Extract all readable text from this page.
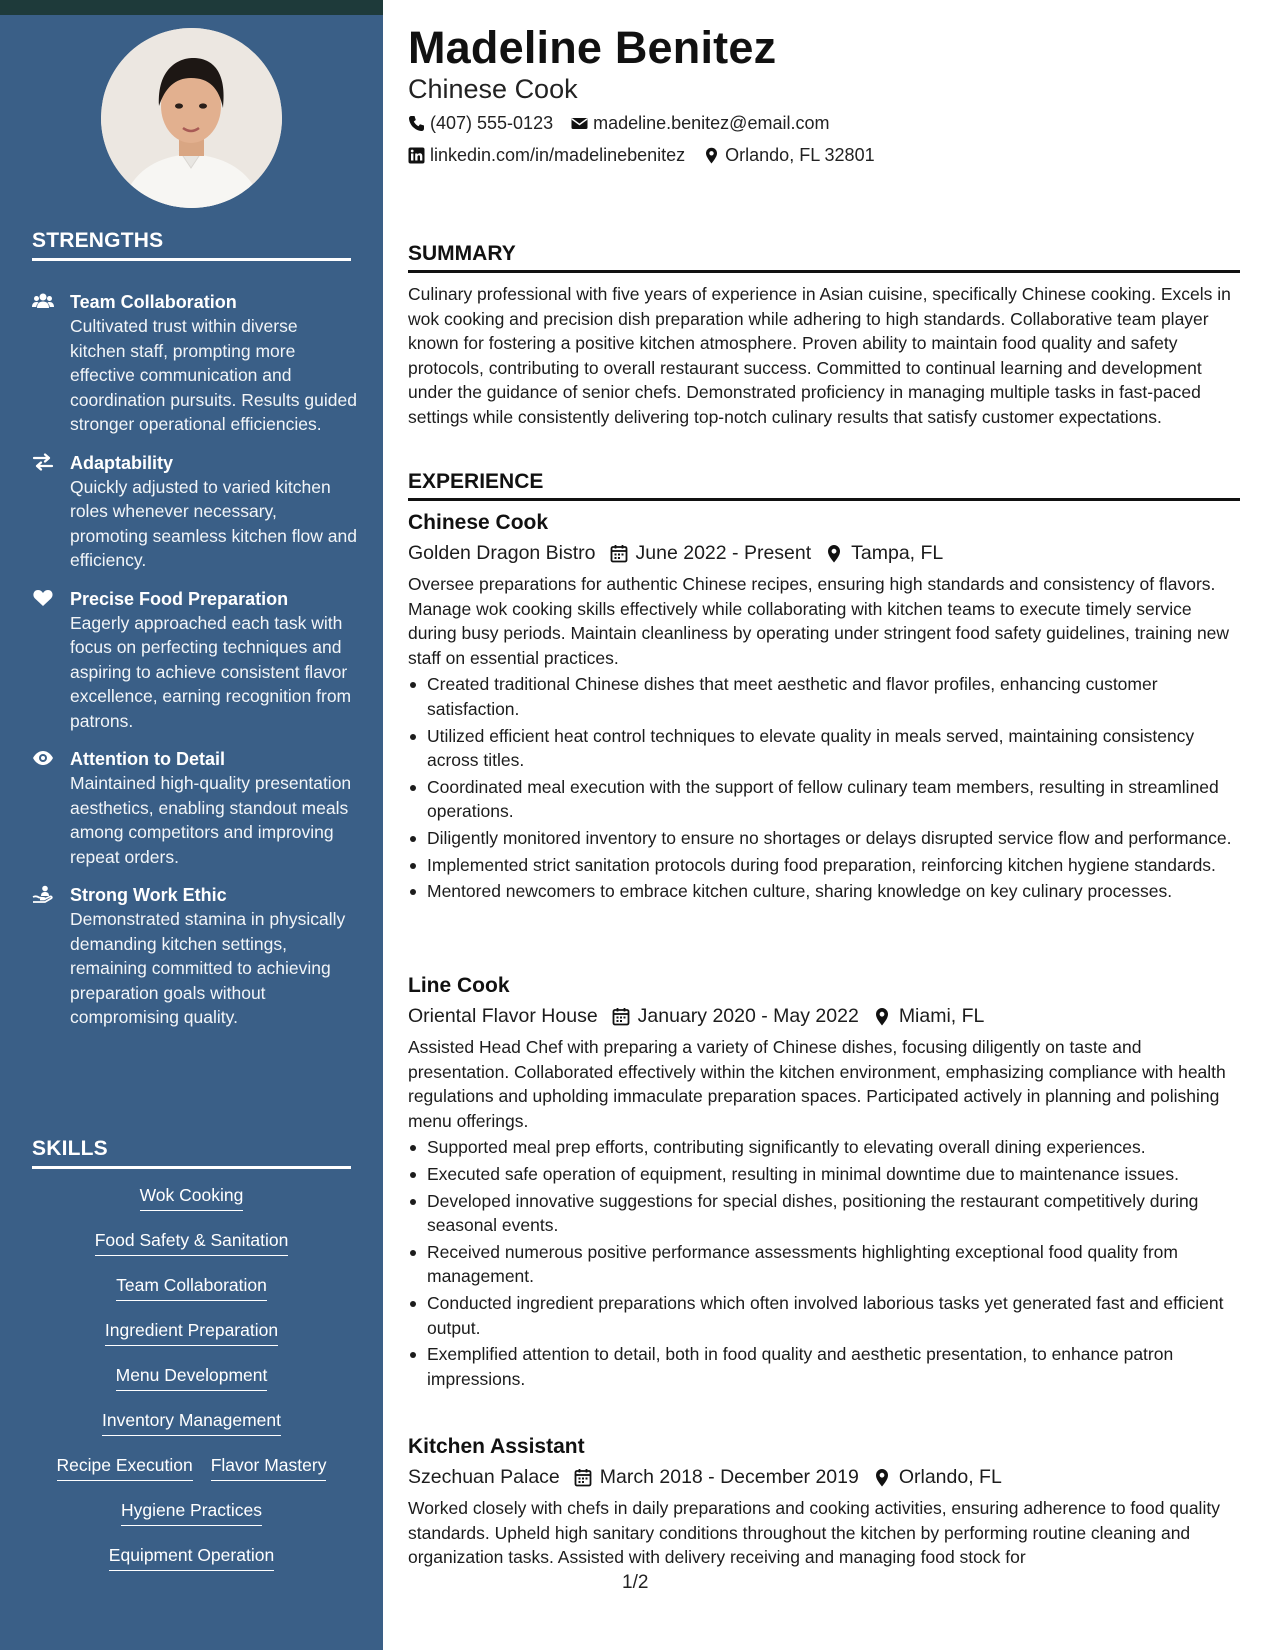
STRENGTHS
Team Collaboration
Cultivated trust within diverse kitchen staff, prompting more effective communication and coordination pursuits. Results guided stronger operational efficiencies.
Adaptability
Quickly adjusted to varied kitchen roles whenever necessary, promoting seamless kitchen flow and efficiency.
Precise Food Preparation
Eagerly approached each task with focus on perfecting techniques and aspiring to achieve consistent flavor excellence, earning recognition from patrons.
Attention to Detail
Maintained high-quality presentation aesthetics, enabling standout meals among competitors and improving repeat orders.
Strong Work Ethic
Demonstrated stamina in physically demanding kitchen settings, remaining committed to achieving preparation goals without compromising quality.
SKILLS
Wok Cooking
Food Safety & Sanitation
Team Collaboration
Ingredient Preparation
Menu Development
Inventory Management
Recipe Execution Flavor Mastery
Hygiene Practices
Equipment Operation
Madeline Benitez
Chinese Cook
(407) 555-0123 madeline.benitez@email.com
linkedin.com/in/madelinebenitez Orlando, FL 32801
SUMMARY
Culinary professional with five years of experience in Asian cuisine, specifically Chinese cooking. Excels in wok cooking and precision dish preparation while adhering to high standards. Collaborative team player known for fostering a positive kitchen atmosphere. Proven ability to maintain food quality and safety protocols, contributing to overall restaurant success. Committed to continual learning and development under the guidance of senior chefs. Demonstrated proficiency in managing multiple tasks in fast-paced settings while consistently delivering top-notch culinary results that satisfy customer expectations.
EXPERIENCE
Chinese Cook
Golden Dragon Bistro June 2022 - Present Tampa, FL
Oversee preparations for authentic Chinese recipes, ensuring high standards and consistency of flavors. Manage wok cooking skills effectively while collaborating with kitchen teams to execute timely service during busy periods. Maintain cleanliness by operating under stringent food safety guidelines, training new staff on essential practices.
Created traditional Chinese dishes that meet aesthetic and flavor profiles, enhancing customer satisfaction.
Utilized efficient heat control techniques to elevate quality in meals served, maintaining consistency across titles.
Coordinated meal execution with the support of fellow culinary team members, resulting in streamlined operations.
Diligently monitored inventory to ensure no shortages or delays disrupted service flow and performance.
Implemented strict sanitation protocols during food preparation, reinforcing kitchen hygiene standards.
Mentored newcomers to embrace kitchen culture, sharing knowledge on key culinary processes.
Line Cook
Oriental Flavor House January 2020 - May 2022 Miami, FL
Assisted Head Chef with preparing a variety of Chinese dishes, focusing diligently on taste and presentation. Collaborated effectively within the kitchen environment, emphasizing compliance with health regulations and upholding immaculate preparation spaces. Participated actively in planning and polishing menu offerings.
Supported meal prep efforts, contributing significantly to elevating overall dining experiences.
Executed safe operation of equipment, resulting in minimal downtime due to maintenance issues.
Developed innovative suggestions for special dishes, positioning the restaurant competitively during seasonal events.
Received numerous positive performance assessments highlighting exceptional food quality from management.
Conducted ingredient preparations which often involved laborious tasks yet generated fast and efficient output.
Exemplified attention to detail, both in food quality and aesthetic presentation, to enhance patron impressions.
Kitchen Assistant
Szechuan Palace March 2018 - December 2019 Orlando, FL
Worked closely with chefs in daily preparations and cooking activities, ensuring adherence to food quality standards. Upheld high sanitary conditions throughout the kitchen by performing routine cleaning and organization tasks. Assisted with delivery receiving and managing food stock for
1/2
